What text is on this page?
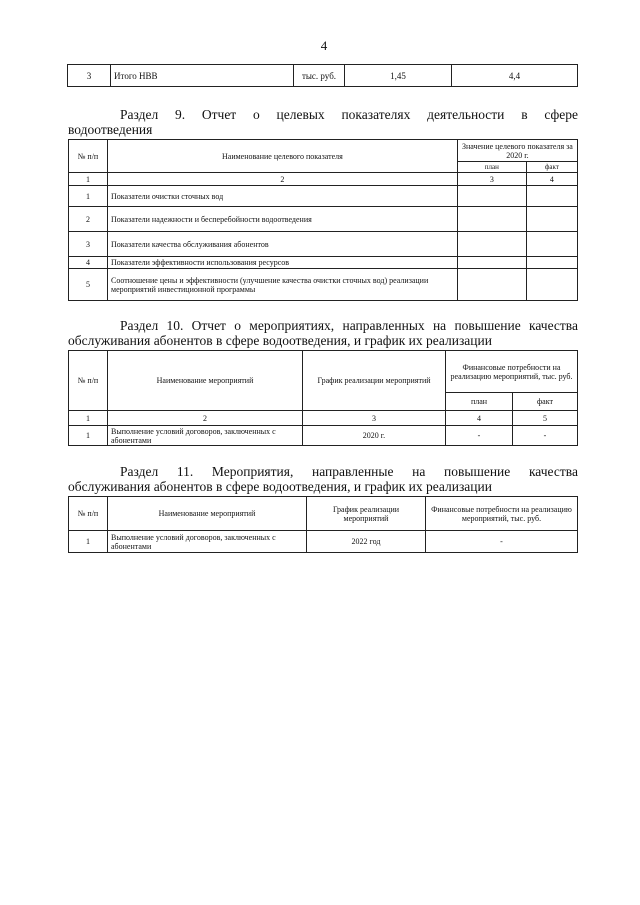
4
3	Итого НВВ	тыс. руб.	1,45	4,4
Раздел 9. Отчет о целевых показателях деятельности в сфере
водоотведения
№ п/п	Наименование целевого показателя	Значение целевого показателя за 2020 г.	
		план	факт
1	2	3	4
1	Показатели очистки сточных вод		
2	Показатели надежности и бесперебойности водоотведения		
3	Показатели качества обслуживания абонентов		
4	Показатели эффективности использования ресурсов		
5	Соотношение цены и эффективности (улучшение качества очистки сточных вод) реализации мероприятий инвестиционной программы		
Раздел 10. Отчет о мероприятиях, направленных на повышение качества
обслуживания абонентов в сфере водоотведения, и график их реализации
№ п/п	Наименование мероприятий	График реализации мероприятий	Финансовые потребности на реализацию мероприятий, тыс. руб.	
			план	факт
1	2	3	4	5
1	Выполнение условий договоров, заключенных с абонентами	2020 г.	-	-
Раздел 11. Мероприятия, направленные на повышение качества
обслуживания абонентов в сфере водоотведения, и график их реализации
№ п/п	Наименование мероприятий	График реализации мероприятий	Финансовые потребности на реализацию мероприятий, тыс. руб.
1	Выполнение условий договоров, заключенных с абонентами	2022 год	-
